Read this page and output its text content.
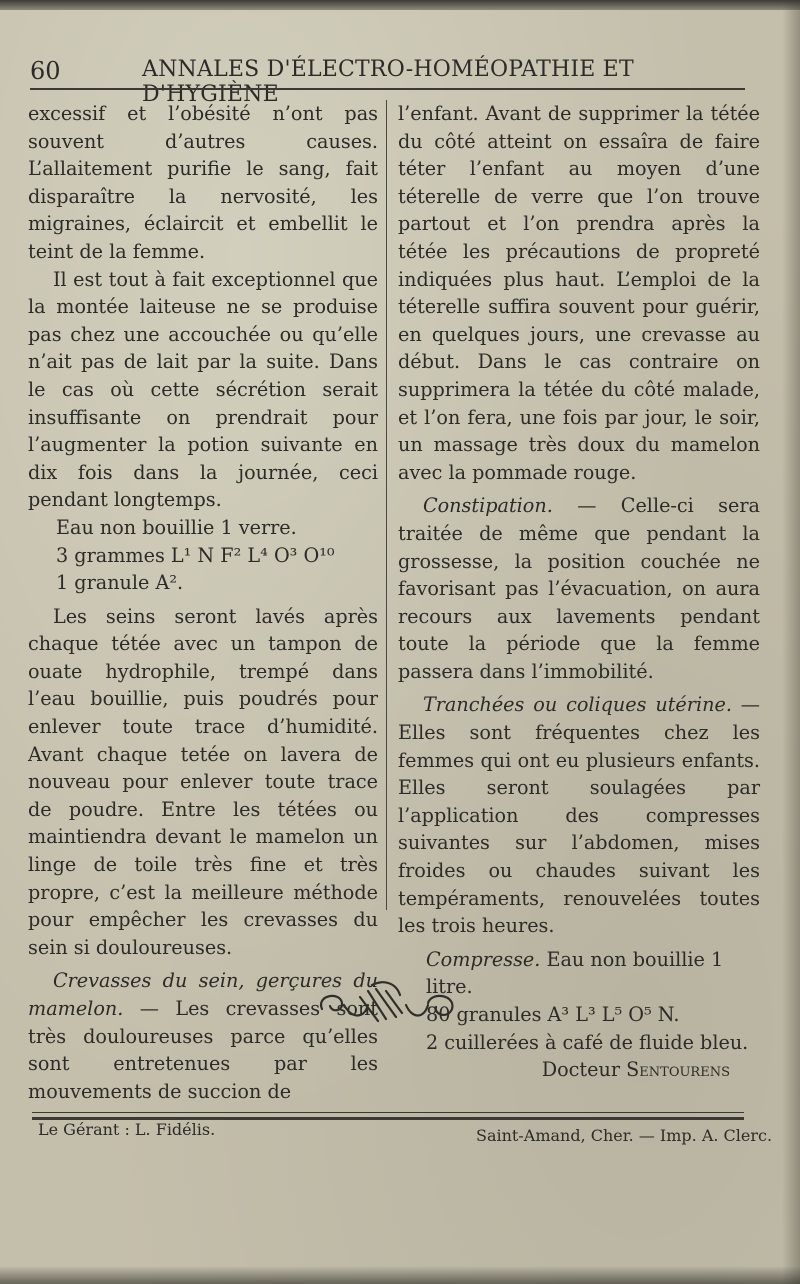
60	ANNALES D'ÉLECTRO-HOMÉOPATHIE ET D'HYGIÈNE

excessif et l’obésité n’ont pas souvent d’autres causes. L’allaitement purifie le sang, fait disparaître la nervosité, les migraines, éclaircit et embellit le teint de la femme.

Il est tout à fait exceptionnel que la montée laiteuse ne se produise pas chez une accouchée ou qu’elle n’ait pas de lait par la suite. Dans le cas où cette sécrétion serait insuffisante on prendrait pour l’augmenter la potion suivante en dix fois dans la journée, ceci pendant longtemps.

Eau non bouillie 1 verre.

3 grammes L¹ N F² L⁴ O³ O¹⁰

1 granule A².

Les seins seront lavés après chaque tétée avec un tampon de ouate hydrophile, trempé dans l’eau bouillie, puis poudrés pour enlever toute trace d’humidité. Avant chaque tetée on lavera de nouveau pour enlever toute trace de poudre. Entre les tétées ou maintiendra devant le mamelon un linge de toile très fine et très propre, c’est la meilleure méthode pour empêcher les crevasses du sein si douloureuses.

Crevasses du sein, gerçures du mamelon. — Les crevasses sont très douloureuses parce qu’elles sont entretenues par les mouvements de succion de

l’enfant. Avant de supprimer la tétée du côté atteint on essaîra de faire téter l’enfant au moyen d’une téterelle de verre que l’on trouve partout et l’on prendra après la tétée les précautions de propreté indiquées plus haut. L’emploi de la téterelle suffira souvent pour guérir, en quelques jours, une crevasse au début. Dans le cas contraire on supprimera la tétée du côté malade, et l’on fera, une fois par jour, le soir, un massage très doux du mamelon avec la pommade rouge.

Constipation. — Celle-ci sera traitée de même que pendant la grossesse, la position couchée ne favorisant pas l’évacuation, on aura recours aux lavements pendant toute la période que la femme passera dans l’immobilité.

Tranchées ou coliques utérine. — Elles sont fréquentes chez les femmes qui ont eu plusieurs enfants. Elles seront soulagées par l’application des compresses suivantes sur l’abdomen, mises froides ou chaudes suivant les tempéraments, renouvelées toutes les trois heures.

Compresse. Eau non bouillie 1 litre.

80 granules A³ L³ L⁵ O⁵ N.

2 cuillerées à café de fluide bleu.

Docteur Sentourens

Le Gérant : L. Fidélis.	Saint-Amand, Cher. — Imp. A. Clerc.
